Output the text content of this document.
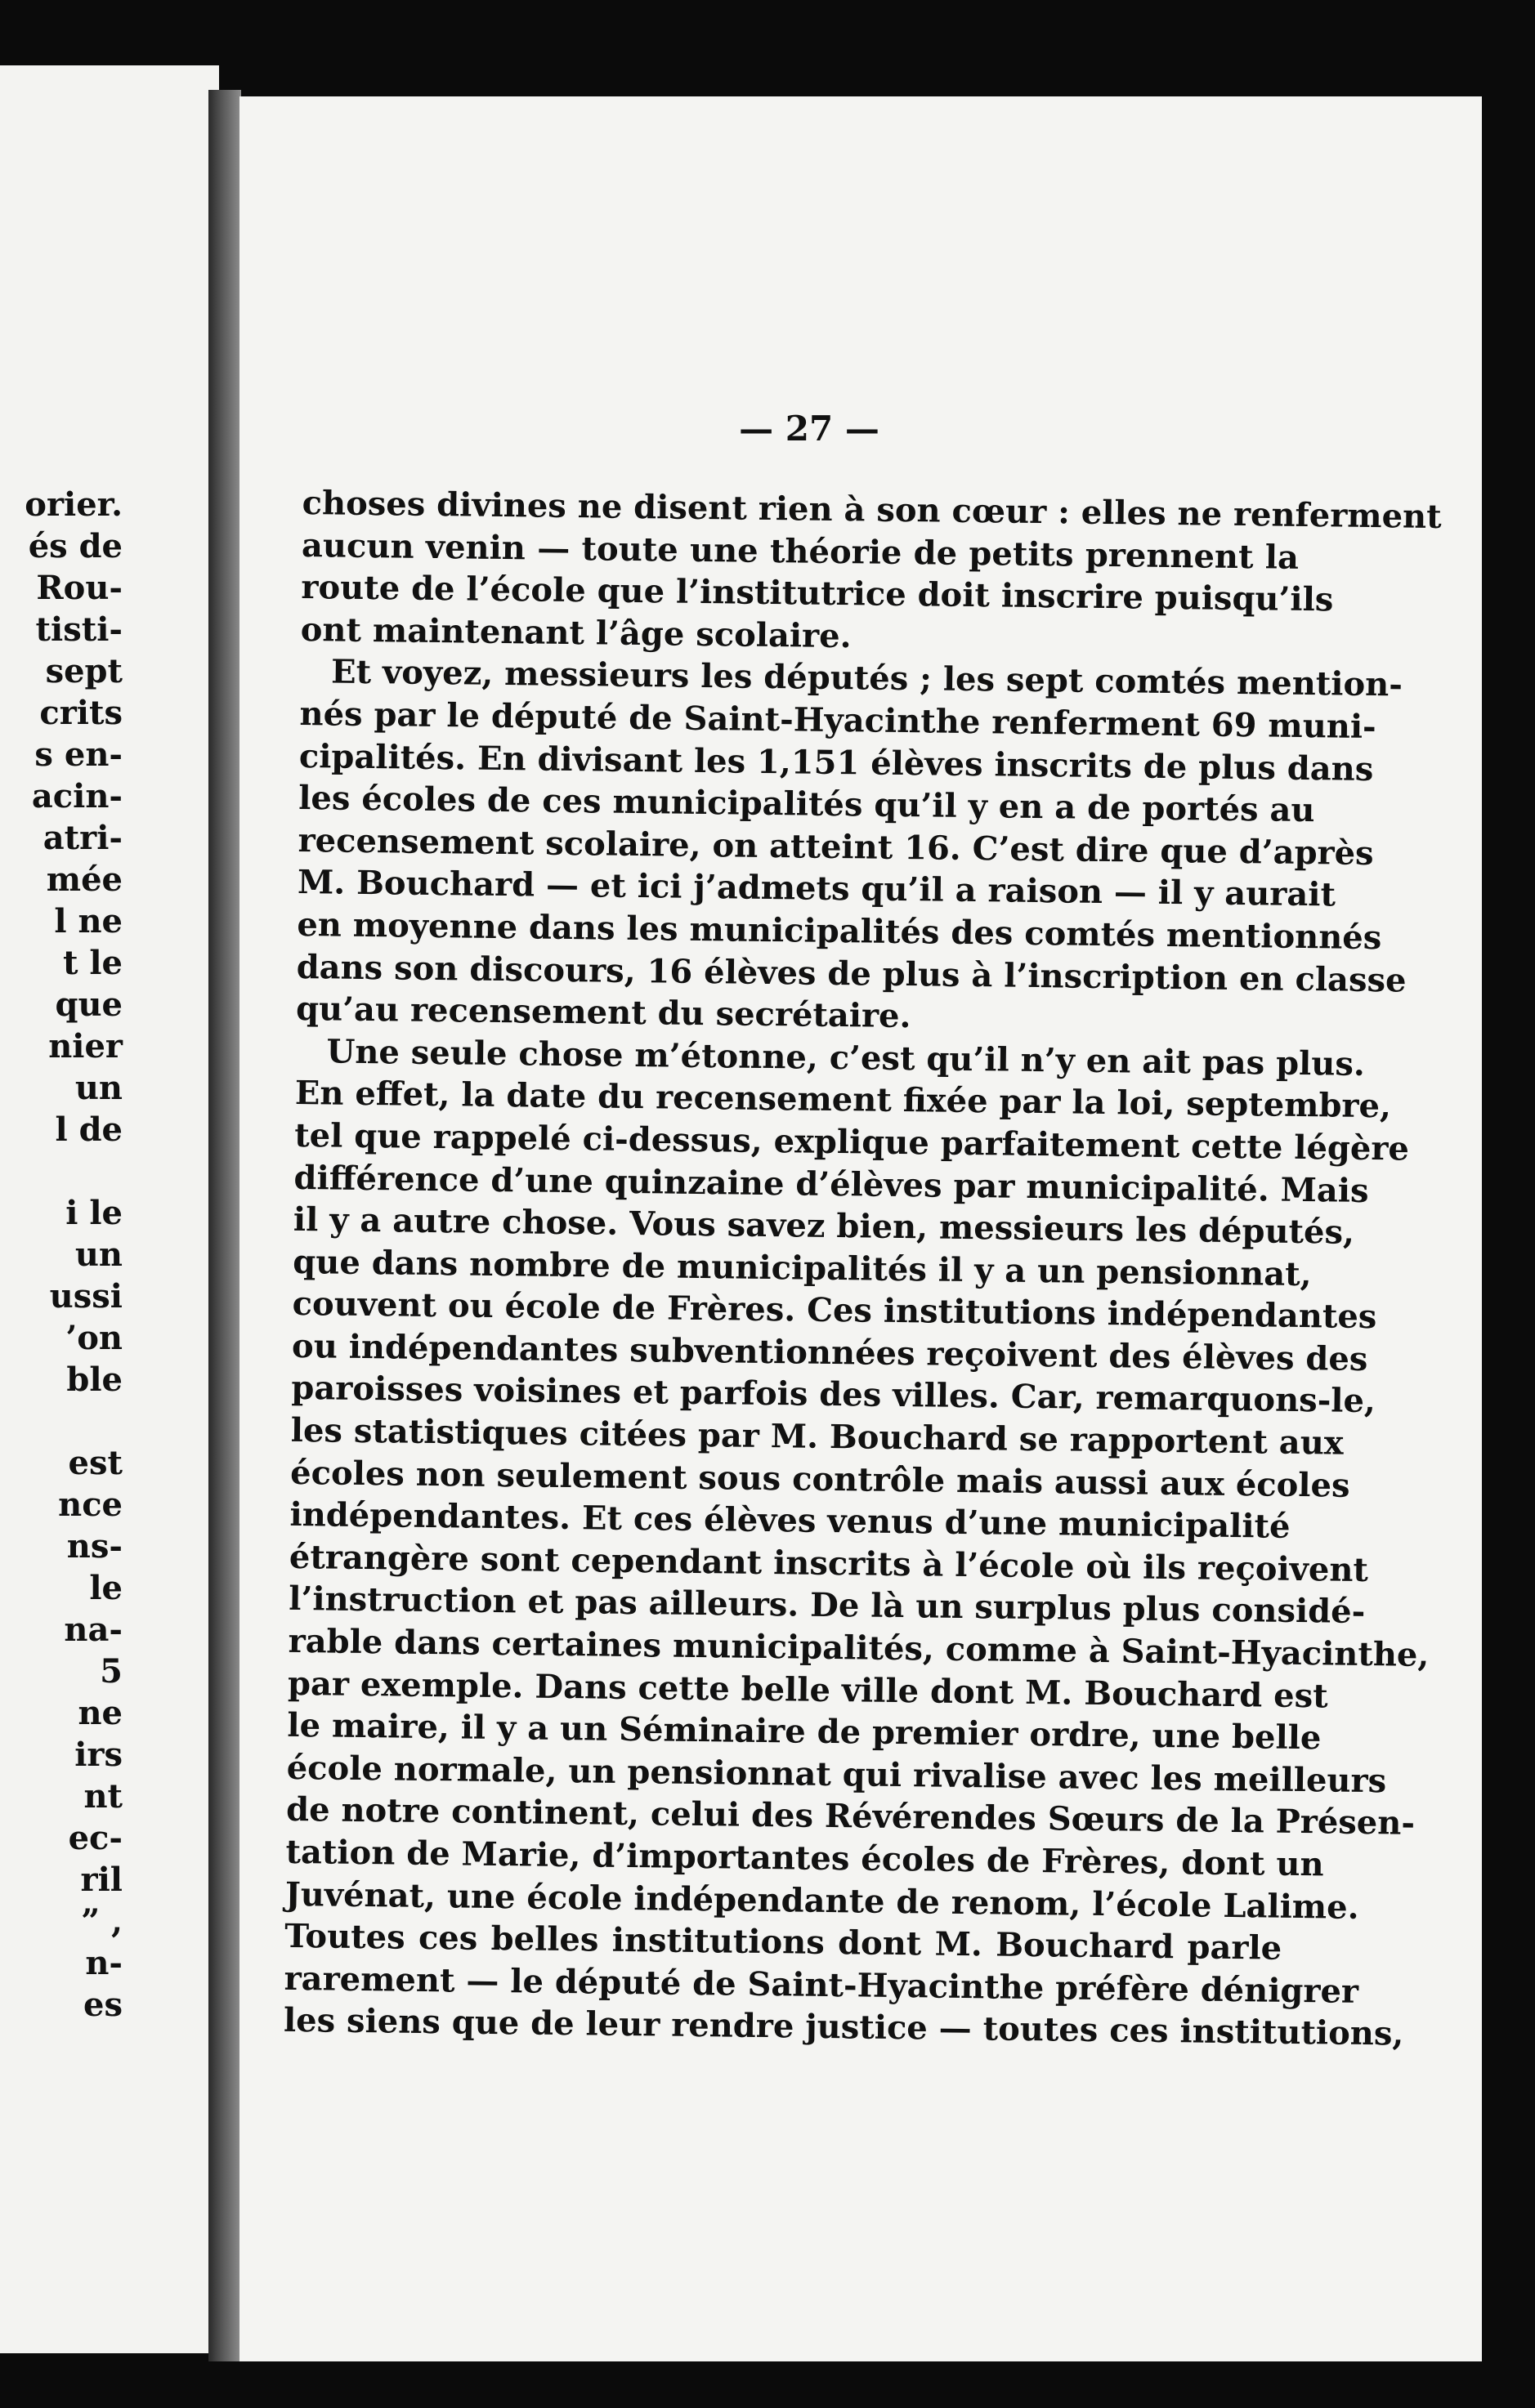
orier.
és de
Rou-
tisti-
sept
crits
s en-
acin-
atri-
mée
l ne
t le
que
nier
un
l de
i le
un
ussi
’on
ble
est
nce
ns-
le
na-
5
ne
irs
nt
ec-
ril
” ,
n-
es
— 27 —
choses divines ne disent rien à son cœur : elles ne renferment
aucun venin — toute une théorie de petits prennent la
route de l’école que l’institutrice doit inscrire puisqu’ils
ont maintenant l’âge scolaire.
Et voyez, messieurs les députés ; les sept comtés mention-
nés par le député de Saint-Hyacinthe renferment 69 muni-
cipalités. En divisant les 1,151 élèves inscrits de plus dans
les écoles de ces municipalités qu’il y en a de portés au
recensement scolaire, on atteint 16. C’est dire que d’après
M. Bouchard — et ici j’admets qu’il a raison — il y aurait
en moyenne dans les municipalités des comtés mentionnés
dans son discours, 16 élèves de plus à l’inscription en classe
qu’au recensement du secrétaire.
Une seule chose m’étonne, c’est qu’il n’y en ait pas plus.
En effet, la date du recensement fixée par la loi, septembre,
tel que rappelé ci-dessus, explique parfaitement cette légère
différence d’une quinzaine d’élèves par municipalité. Mais
il y a autre chose. Vous savez bien, messieurs les députés,
que dans nombre de municipalités il y a un pensionnat,
couvent ou école de Frères. Ces institutions indépendantes
ou indépendantes subventionnées reçoivent des élèves des
paroisses voisines et parfois des villes. Car, remarquons-le,
les statistiques citées par M. Bouchard se rapportent aux
écoles non seulement sous contrôle mais aussi aux écoles
indépendantes. Et ces élèves venus d’une municipalité
étrangère sont cependant inscrits à l’école où ils reçoivent
l’instruction et pas ailleurs. De là un surplus plus considé-
rable dans certaines municipalités, comme à Saint-Hyacinthe,
par exemple. Dans cette belle ville dont M. Bouchard est
le maire, il y a un Séminaire de premier ordre, une belle
école normale, un pensionnat qui rivalise avec les meilleurs
de notre continent, celui des Révérendes Sœurs de la Présen-
tation de Marie, d’importantes écoles de Frères, dont un
Juvénat, une école indépendante de renom, l’école Lalime.
Toutes ces belles institutions dont M. Bouchard parle
rarement — le député de Saint-Hyacinthe préfère dénigrer
les siens que de leur rendre justice — toutes ces institutions,
